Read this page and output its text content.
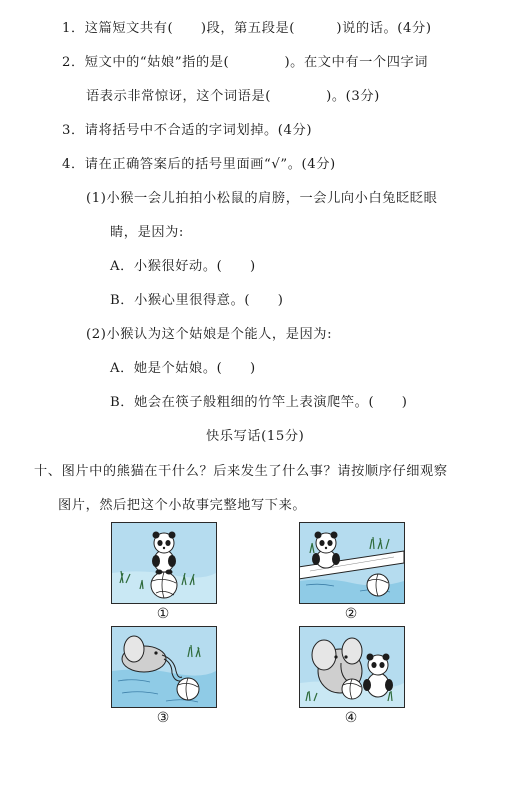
1．这篇短文共有(　　)段，第五段是(　　　)说的话。(4分)
2．短文中的“姑娘”指的是(　　　　)。在文中有一个四字词
语表示非常惊讶，这个词语是(　　　　)。(3分)
3．请将括号中不合适的字词划掉。(4分)
4．请在正确答案后的括号里面画“√”。(4分)
(1)小猴一会儿拍拍小松鼠的肩膀，一会儿向小白兔眨眨眼
睛，是因为:
A．小猴很好动。(　　)
B．小猴心里很得意。(　　)
(2)小猴认为这个姑娘是个能人，是因为:
A．她是个姑娘。(　　)
B．她会在筷子般粗细的竹竿上表演爬竿。(　　)
快乐写话(15分)
十、图片中的熊猫在干什么？后来发生了什么事？请按顺序仔细观察
图片，然后把这个小故事完整地写下来。
①	②
③	④
